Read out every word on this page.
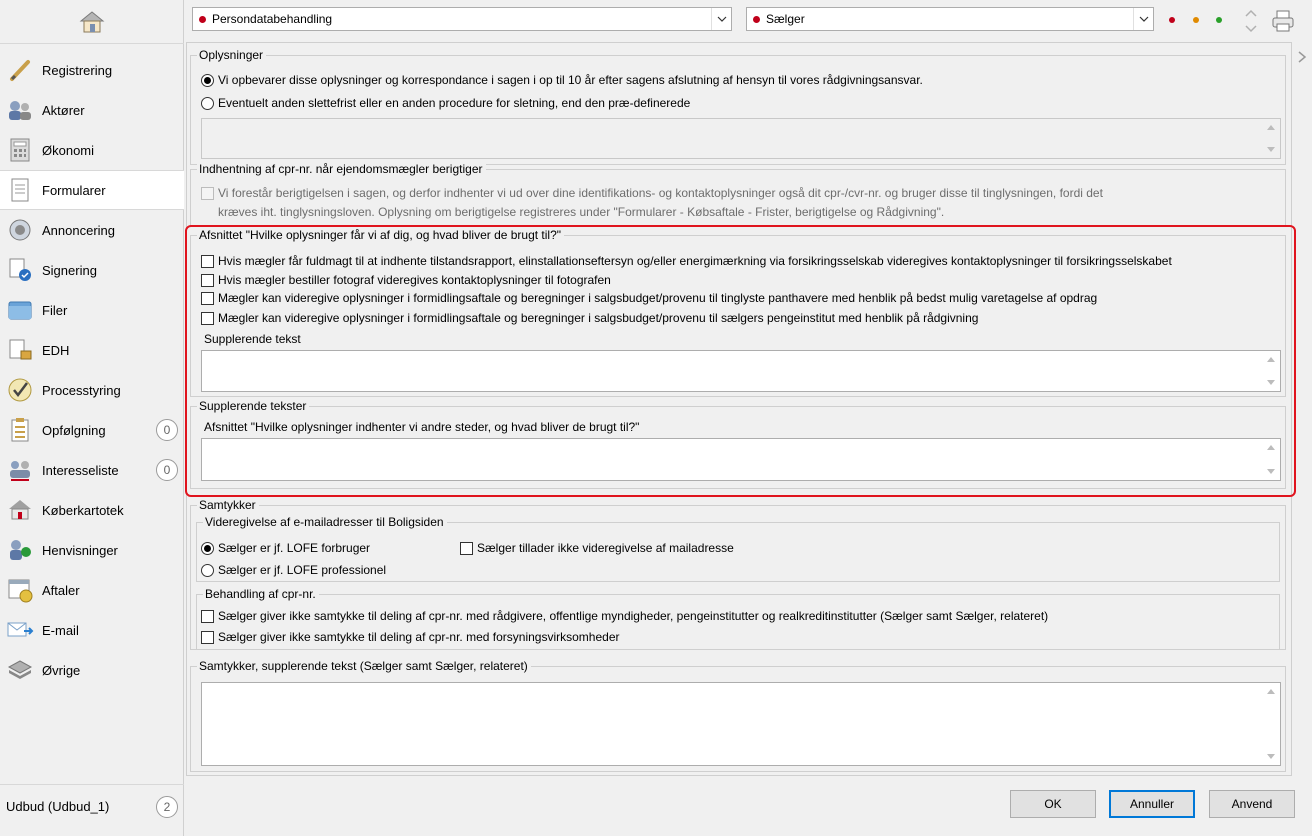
Registrering
Aktører
Økonomi
Formularer
Annoncering
Signering
Filer
EDH
Processtyring
Opfølgning	0
Interesseliste	0
Køberkartotek
Henvisninger
Aftaler
E-mail
Øvrige
Udbud (Udbud_1)	2
Persondatabehandling	Sælger
Oplysninger
Vi opbevarer disse oplysninger og korrespondance i sagen i op til 10 år efter sagens afslutning af hensyn til vores rådgivningsansvar.
Eventuelt anden slettefrist eller en anden procedure for sletning, end den præ-definerede
Indhentning af cpr-nr. når ejendomsmægler berigtiger
Vi forestår berigtigelsen i sagen, og derfor indhenter vi ud over dine identifikations- og kontaktoplysninger også dit cpr-/cvr-nr. og bruger disse til tinglysningen, fordi det
kræves iht. tinglysningsloven. Oplysning om berigtigelse registreres under "Formularer - Købsaftale - Frister, berigtigelse og Rådgivning".
Afsnittet "Hvilke oplysninger får vi af dig, og hvad bliver de brugt til?"
Hvis mægler får fuldmagt til at indhente tilstandsrapport, elinstallationseftersyn og/eller energimærkning via forsikringsselskab videregives kontaktoplysninger til forsikringsselskabet
Hvis mægler bestiller fotograf videregives kontaktoplysninger til fotografen
Mægler kan videregive oplysninger i formidlingsaftale og beregninger i salgsbudget/provenu til tinglyste panthavere med henblik på bedst mulig varetagelse af opdrag
Mægler kan videregive oplysninger i formidlingsaftale og beregninger i salgsbudget/provenu til sælgers pengeinstitut med henblik på rådgivning
Supplerende tekst
Supplerende tekster
Afsnittet "Hvilke oplysninger indhenter vi andre steder, og hvad bliver de brugt til?"
Samtykker
Videregivelse af e-mailadresser til Boligsiden
Sælger er jf. LOFE forbruger	Sælger tillader ikke videregivelse af mailadresse
Sælger er jf. LOFE professionel
Behandling af cpr-nr.
Sælger giver ikke samtykke til deling af cpr-nr. med rådgivere, offentlige myndigheder, pengeinstitutter og realkreditinstitutter (Sælger samt Sælger, relateret)
Sælger giver ikke samtykke til deling af cpr-nr. med forsyningsvirksomheder
Samtykker, supplerende tekst (Sælger samt Sælger, relateret)
OK	Annuller	Anvend
